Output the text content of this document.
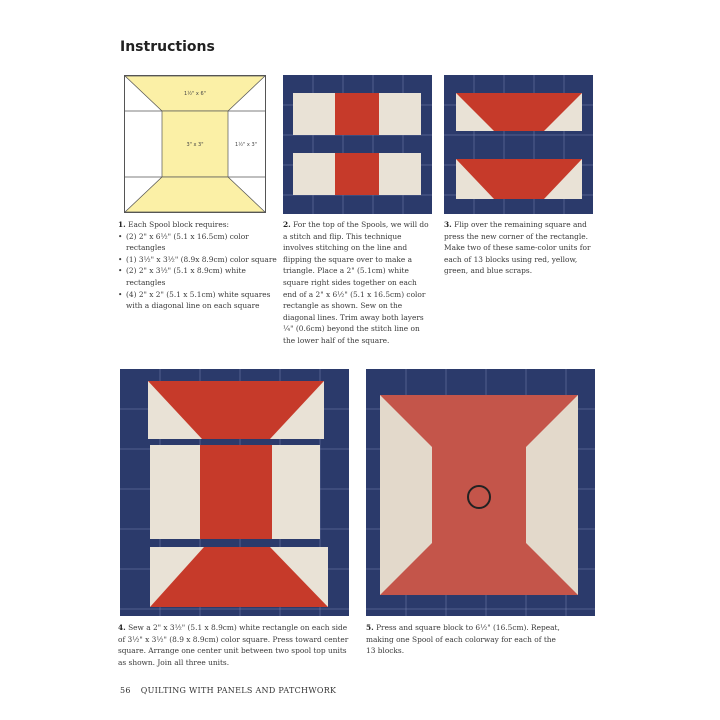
Instructions
1½" x 6"
3" x 3"	1½" x 3"
1. Each Spool block requires:
• (2) 2" x 6½" (5.1 x 16.5cm) color rectangles
• (1) 3½" x 3½" (8.9x 8.9cm) color square
• (2) 2" x 3½" (5.1 x 8.9cm) white rectangles
• (4) 2" x 2" (5.1 x 5.1cm) white squares with a diagonal line on each square
2. For the top of the Spools, we will do a stitch and flip. This technique involves stitching on the line and flipping the square over to make a triangle. Place a 2" (5.1cm) white square right sides together on each end of a 2" x 6½" (5.1 x 16.5cm) color rectangle as shown. Sew on the diagonal lines. Trim away both layers ¼" (0.6cm) beyond the stitch line on the lower half of the square.
3. Flip over the remaining square and press the new corner of the rectangle. Make two of these same-color units for each of 13 blocks using red, yellow, green, and blue scraps.
4. Sew a 2" x 3½" (5.1 x 8.9cm) white rectangle on each side of 3½" x 3½" (8.9 x 8.9cm) color square. Press toward center square. Arrange one center unit between two spool top units as shown. Join all three units.
5. Press and square block to 6½" (16.5cm). Repeat, making one Spool of each colorway for each of the 13 blocks.
56 QUILTING WITH PANELS AND PATCHWORK
